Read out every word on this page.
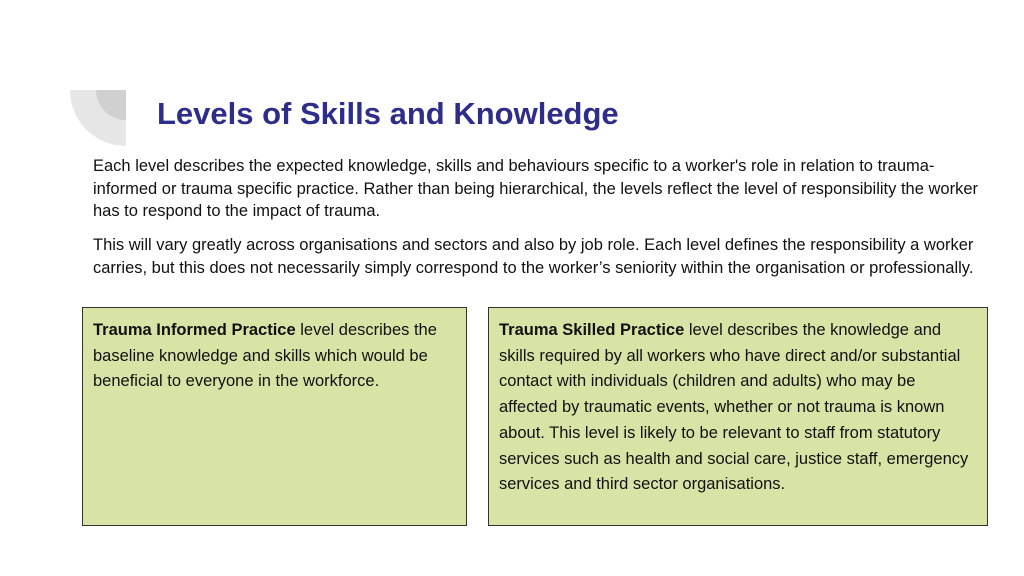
Levels of Skills and Knowledge

Each level describes the expected knowledge, skills and behaviours specific to a worker's role in relation to trauma-informed or trauma specific practice. Rather than being hierarchical, the levels reflect the level of responsibility the worker has to respond to the impact of trauma.

This will vary greatly across organisations and sectors and also by job role. Each level defines the responsibility a worker carries, but this does not necessarily simply correspond to the worker’s seniority within the organisation or professionally.

Trauma Informed Practice level describes the baseline knowledge and skills which would be beneficial to everyone in the workforce.
Trauma Skilled Practice level describes the knowledge and skills required by all workers who have direct and/or substantial contact with individuals (children and adults) who may be affected by traumatic events, whether or not trauma is known about. This level is likely to be relevant to staff from statutory services such as health and social care, justice staff, emergency services and third sector organisations.
